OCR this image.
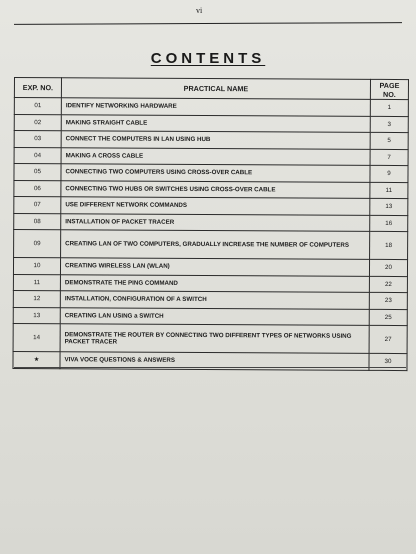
vi
CONTENTS
EXP. NO.	PRACTICAL NAME	PAGE NO.
01	IDENTIFY NETWORKING HARDWARE	1
02	MAKING STRAIGHT CABLE	3
03	CONNECT THE COMPUTERS IN LAN USING HUB	5
04	MAKING A CROSS CABLE	7
05	CONNECTING TWO COMPUTERS USING CROSS-OVER CABLE	9
06	CONNECTING TWO HUBS OR SWITCHES USING CROSS-OVER CABLE	11
07	USE DIFFERENT NETWORK COMMANDS	13
08	INSTALLATION OF PACKET TRACER	16
09	CREATING LAN OF TWO COMPUTERS, GRADUALLY INCREASE THE NUMBER OF COMPUTERS	18
10	CREATING WIRELESS LAN (WLAN)	20
11	DEMONSTRATE THE PING COMMAND	22
12	INSTALLATION, CONFIGURATION OF A SWITCH	23
13	CREATING LAN USING a SWITCH	25
14	DEMONSTRATE THE ROUTER BY CONNECTING TWO DIFFERENT TYPES OF NETWORKS USING PACKET TRACER	27
★	VIVA VOCE QUESTIONS & ANSWERS	30
